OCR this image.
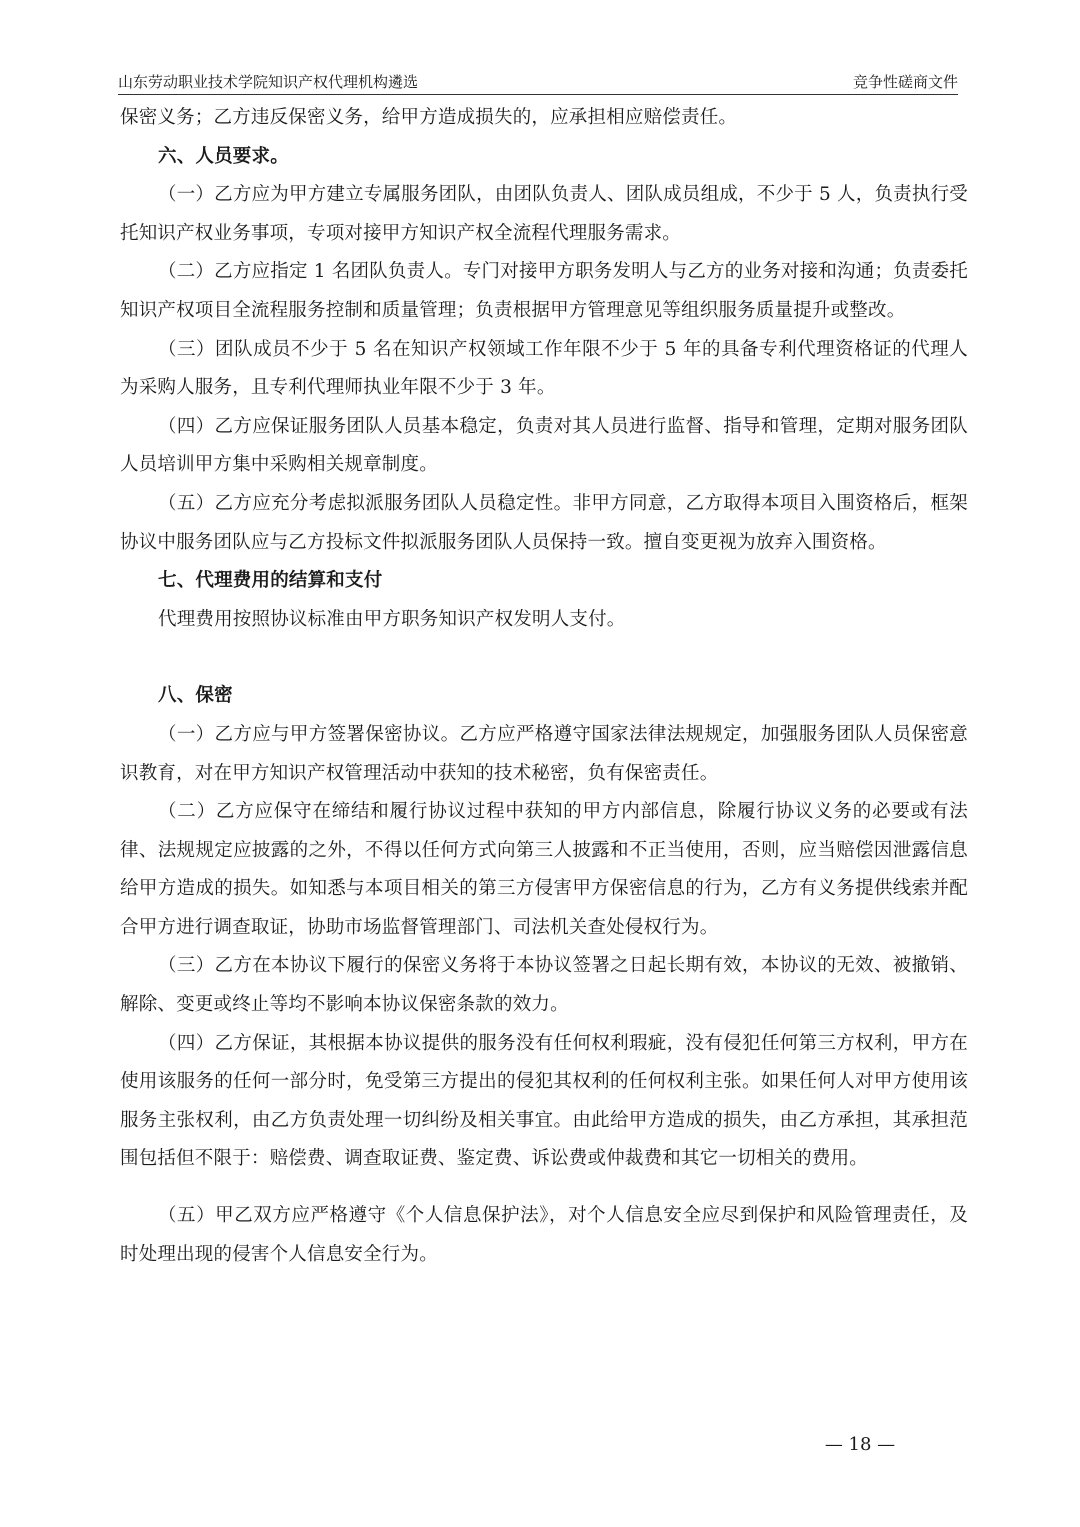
山东劳动职业技术学院知识产权代理机构遴选	竞争性磋商文件

保密义务；乙方违反保密义务，给甲方造成损失的，应承担相应赔偿责任。

六、人员要求。

（一）乙方应为甲方建立专属服务团队，由团队负责人、团队成员组成，不少于 5 人，负责执行受托知识产权业务事项，专项对接甲方知识产权全流程代理服务需求。

（二）乙方应指定 1 名团队负责人。专门对接甲方职务发明人与乙方的业务对接和沟通；负责委托知识产权项目全流程服务控制和质量管理；负责根据甲方管理意见等组织服务质量提升或整改。

（三）团队成员不少于 5 名在知识产权领域工作年限不少于 5 年的具备专利代理资格证的代理人为采购人服务，且专利代理师执业年限不少于 3 年。

（四）乙方应保证服务团队人员基本稳定，负责对其人员进行监督、指导和管理，定期对服务团队人员培训甲方集中采购相关规章制度。

（五）乙方应充分考虑拟派服务团队人员稳定性。非甲方同意，乙方取得本项目入围资格后，框架协议中服务团队应与乙方投标文件拟派服务团队人员保持一致。擅自变更视为放弃入围资格。

七、代理费用的结算和支付

代理费用按照协议标准由甲方职务知识产权发明人支付。

八、保密

（一）乙方应与甲方签署保密协议。乙方应严格遵守国家法律法规规定，加强服务团队人员保密意识教育，对在甲方知识产权管理活动中获知的技术秘密，负有保密责任。

（二）乙方应保守在缔结和履行协议过程中获知的甲方内部信息，除履行协议义务的必要或有法律、法规规定应披露的之外，不得以任何方式向第三人披露和不正当使用，否则，应当赔偿因泄露信息给甲方造成的损失。如知悉与本项目相关的第三方侵害甲方保密信息的行为，乙方有义务提供线索并配合甲方进行调查取证，协助市场监督管理部门、司法机关查处侵权行为。

（三）乙方在本协议下履行的保密义务将于本协议签署之日起长期有效，本协议的无效、被撤销、解除、变更或终止等均不影响本协议保密条款的效力。

（四）乙方保证，其根据本协议提供的服务没有任何权利瑕疵，没有侵犯任何第三方权利，甲方在使用该服务的任何一部分时，免受第三方提出的侵犯其权利的任何权利主张。如果任何人对甲方使用该服务主张权利，由乙方负责处理一切纠纷及相关事宜。由此给甲方造成的损失，由乙方承担，其承担范围包括但不限于：赔偿费、调查取证费、鉴定费、诉讼费或仲裁费和其它一切相关的费用。

（五）甲乙双方应严格遵守《个人信息保护法》，对个人信息安全应尽到保护和风险管理责任，及时处理出现的侵害个人信息安全行为。

— 18 —
